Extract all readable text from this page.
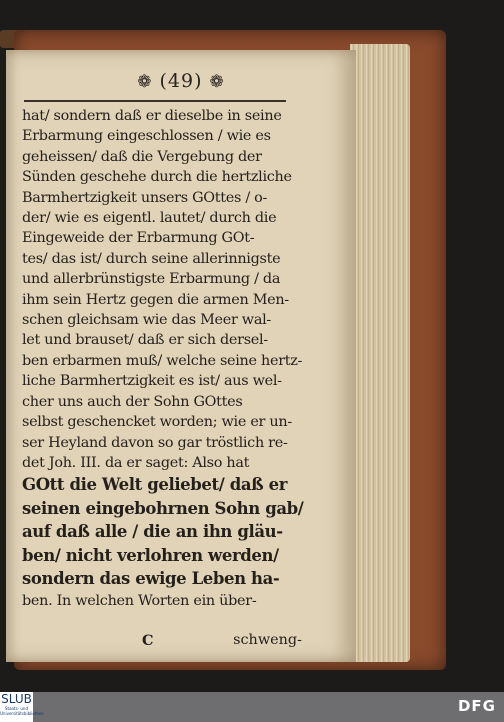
❁ (49) ❁
hat/ sondern daß er dieselbe in seine
Erbarmung eingeschlossen / wie es
geheissen/ daß die Vergebung der
Sünden geschehe durch die hertzliche
Barmhertzigkeit unsers GOttes / o-
der/ wie es eigentl. lautet/ durch die
Eingeweide der Erbarmung GOt-
tes/ das ist/ durch seine allerinnigste
und allerbrünstigste Erbarmung / da
ihm sein Hertz gegen die armen Men-
schen gleichsam wie das Meer wal-
let und brauset/ daß er sich dersel-
ben erbarmen muß/ welche seine hertz-
liche Barmhertzigkeit es ist/ aus wel-
cher uns auch der Sohn GOttes
selbst geschencket worden; wie er un-
ser Heyland davon so gar tröstlich re-
det Joh. III. da er saget: Also hat
GOtt die Welt geliebet/ daß er
seinen eingebohrnen Sohn gab/
auf daß alle / die an ihn gläu-
ben/ nicht verlohren werden/
sondern das ewige Leben ha-
ben. In welchen Worten ein über-
C	schweng-
SLUB
Staats- und Universitätsbibliothek	DFG
